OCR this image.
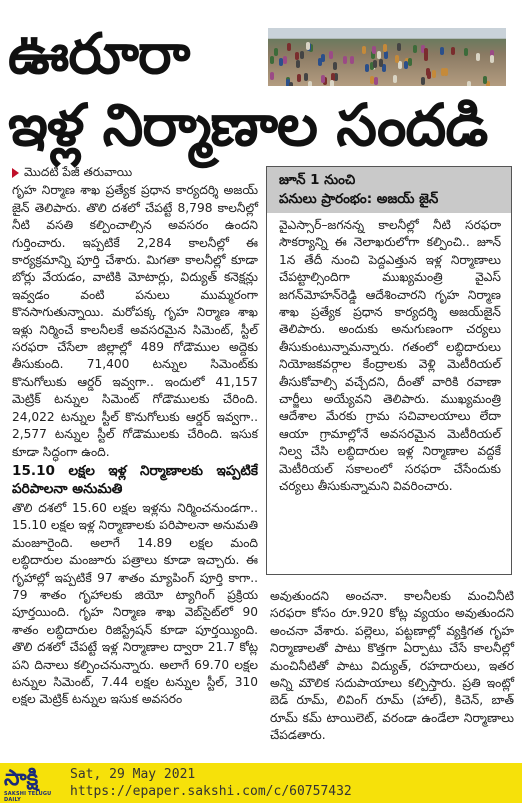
ఊరూరా
ఇళ్ల నిర్మాణాల సందడి
మొదటి పేజీ తరువాయి

గృహ నిర్మాణ శాఖ ప్రత్యేక ప్రధాన కార్యదర్శి అజయ్ జైన్ తెలిపారు. తొలి దశలో చేపట్టే 8,798 కాలనీల్లో నీటి వసతి కల్పించాల్సిన అవసరం ఉందని గుర్తించారు. ఇప్పటికే 2,284 కాలనీల్లో ఈ కార్యక్రమాన్ని పూర్తి చేశారు. మిగతా కాలనీల్లో కూడా బోర్లు వేయడం, వాటికి మోటార్లు, విద్యుత్ కనెక్షన్లు ఇవ్వడం వంటి పనులు ముమ్మరంగా కొనసాగుతున్నాయి. మరోపక్క గృహ నిర్మాణ శాఖ ఇళ్లు నిర్మించే కాలనీలకే అవసరమైన సిమెంట్, స్టీల్ సరఫరా చేసేలా జిల్లాల్లో 489 గోడౌముల అద్దెకు తీసుకుంది. 71,400 టన్నుల సిమెంట్‌కు కొనుగోలుకు ఆర్డర్ ఇవ్వగా.. ఇందులో 41,157 మెట్రిక్ టన్నుల సిమెంట్ గోడౌములకు చేరింది. 24,022 టన్నుల స్టీల్ కొనుగోలుకు ఆర్డర్ ఇవ్వగా.. 2,577 టన్నుల స్టీల్ గోడౌములకు చేరింది. ఇసుక కూడా సిద్ధంగా ఉంది.

15.10 లక్షల ఇళ్ల నిర్మాణాలకు ఇప్పటికే పరిపాలనా అనుమతి

తొలి దశలో 15.60 లక్షల ఇళ్లను నిర్మించనుండగా.. 15.10 లక్షల ఇళ్ల నిర్మాణాలకు పరిపాలనా అనుమతి మంజూరైంది. అలాగే 14.89 లక్షల మంది లబ్ధిదారుల మంజూరు పత్రాలు కూడా ఇచ్చారు. ఈ గృహాల్లో ఇప్పటికే 97 శాతం మ్యాపింగ్ పూర్తి కాగా.. 79 శాతం గృహాలకు జియో ట్యాగింగ్ ప్రక్రియ పూర్తయింది. గృహ నిర్మాణ శాఖ వెబ్‌సైట్‌లో 90 శాతం లబ్ధిదారుల రిజిస్ట్రేషన్ కూడా పూర్తయ్యింది. తొలి దశలో చేపట్టే ఇళ్ల నిర్మాణాల ద్వారా 21.7 కోట్ల పని దినాలు కల్పించనున్నారు. అలాగే 69.70 లక్షల టన్నుల సిమెంట్, 7.44 లక్షల టన్నుల స్టీల్, 310 లక్షల మెట్రిక్ టన్నుల ఇసుక అవసరం

జూన్ 1 నుంచి
పనులు ప్రారంభం: అజయ్ జైన్
వైఎస్సార్–జగనన్న కాలనీల్లో నీటి సరఫరా సౌకర్యాన్ని ఈ నెలాఖరులోగా కల్పించి.. జూన్ 1న తేదీ నుంచి పెద్దఎత్తున ఇళ్ల నిర్మాణాలు చేపట్టాల్సిందిగా ముఖ్యమంత్రి వైఎస్ జగన్‌మోహన్‌రెడ్డి ఆదేశించారని గృహ నిర్మాణ శాఖ ప్రత్యేక ప్రధాన కార్యదర్శి అజయ్‌జైన్ తెలిపారు. అందుకు అనుగుణంగా చర్యలు తీసుకుంటున్నామన్నారు. గతంలో లబ్ధిదారులు నియోజకవర్గాల కేంద్రాలకు వెళ్లి మెటీరియల్ తీసుకోవాల్సి వచ్చేదని, దీంతో వారికి రవాణా చార్జీలు అయ్యేవని తెలిపారు. ముఖ్యమంత్రి ఆదేశాల మేరకు గ్రామ సచివాలయాలు లేదా ఆయా గ్రామాల్లోనే అవసరమైన మెటీరియల్ నిల్వ చేసి లబ్ధిదారుల ఇళ్ల నిర్మాణాల వద్దకే మెటీరియల్ సకాలంలో సరఫరా చేసేందుకు చర్యలు తీసుకున్నామని వివరించారు.

అవుతుందని అంచనా. కాలనీలకు మంచినీటి సరఫరా కోసం రూ.920 కోట్ల వ్యయం అవుతుందని అంచనా వేశారు. పల్లెలు, పట్టణాల్లో వ్యక్తిగత గృహ నిర్మాణాలతో పాటు కొత్తగా ఏర్పాటు చేసే కాలనీల్లో మంచినీటితో పాటు విద్యుత్, రహదారులు, ఇతర అన్ని మౌలిక సదుపాయాలు కల్పిస్తారు. ప్రతి ఇంట్లో బెడ్ రూమ్, లివింగ్ రూమ్ (హాల్), కిచెన్, బాత్ రూమ్ కమ్ టాయిలెట్, వరండా ఉండేలా నిర్మాణాలు చేపడతారు.

సాక్షి
SAKSHI TELUGU DAILY
Sat, 29 May 2021
https://epaper.sakshi.com/c/60757432
